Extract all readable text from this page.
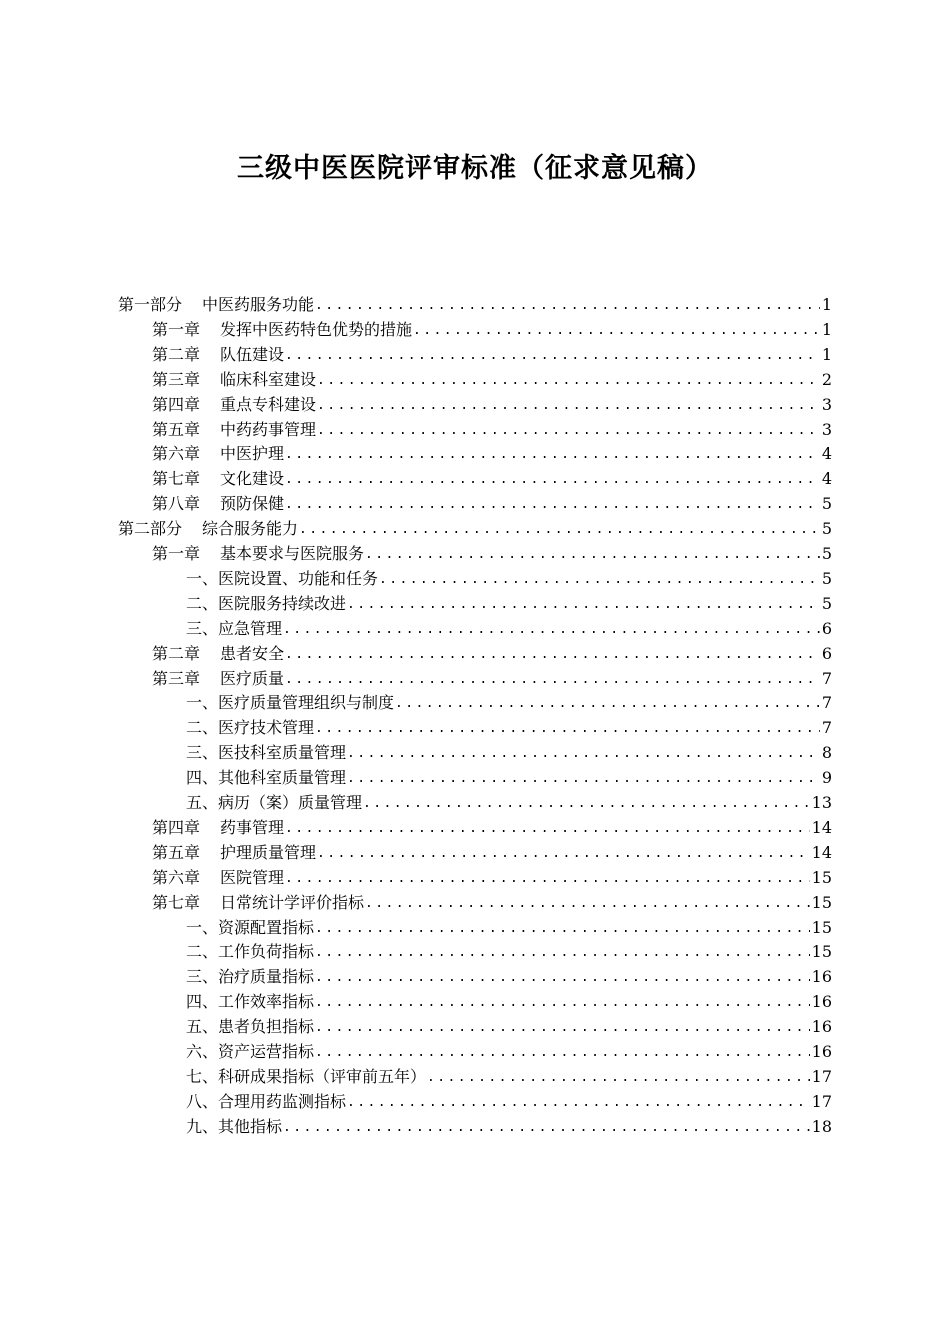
三级中医医院评审标准（征求意见稿）
第一部分 中医药服务功能 .....	1
第一章 发挥中医药特色优势的措施 .....	1
第二章 队伍建设 .....	1
第三章 临床科室建设 .....	2
第四章 重点专科建设 .....	3
第五章 中药药事管理 .....	3
第六章 中医护理 .....	4
第七章 文化建设 .....	4
第八章 预防保健 .....	5
第二部分 综合服务能力 .....	5
第一章 基本要求与医院服务 .....	5
一、医院设置、功能和任务 .....	5
二、医院服务持续改进 .....	5
三、应急管理 .....	6
第二章 患者安全 .....	6
第三章 医疗质量 .....	7
一、医疗质量管理组织与制度 .....	7
二、医疗技术管理 .....	7
三、医技科室质量管理 .....	8
四、其他科室质量管理 .....	9
五、病历（案）质量管理 .....	13
第四章 药事管理 .....	14
第五章 护理质量管理 .....	14
第六章 医院管理 .....	15
第七章 日常统计学评价指标 .....	15
一、资源配置指标 .....	15
二、工作负荷指标 .....	15
三、治疗质量指标 .....	16
四、工作效率指标 .....	16
五、患者负担指标 .....	16
六、资产运营指标 .....	16
七、科研成果指标（评审前五年） .....	17
八、合理用药监测指标 .....	17
九、其他指标 .....	18
